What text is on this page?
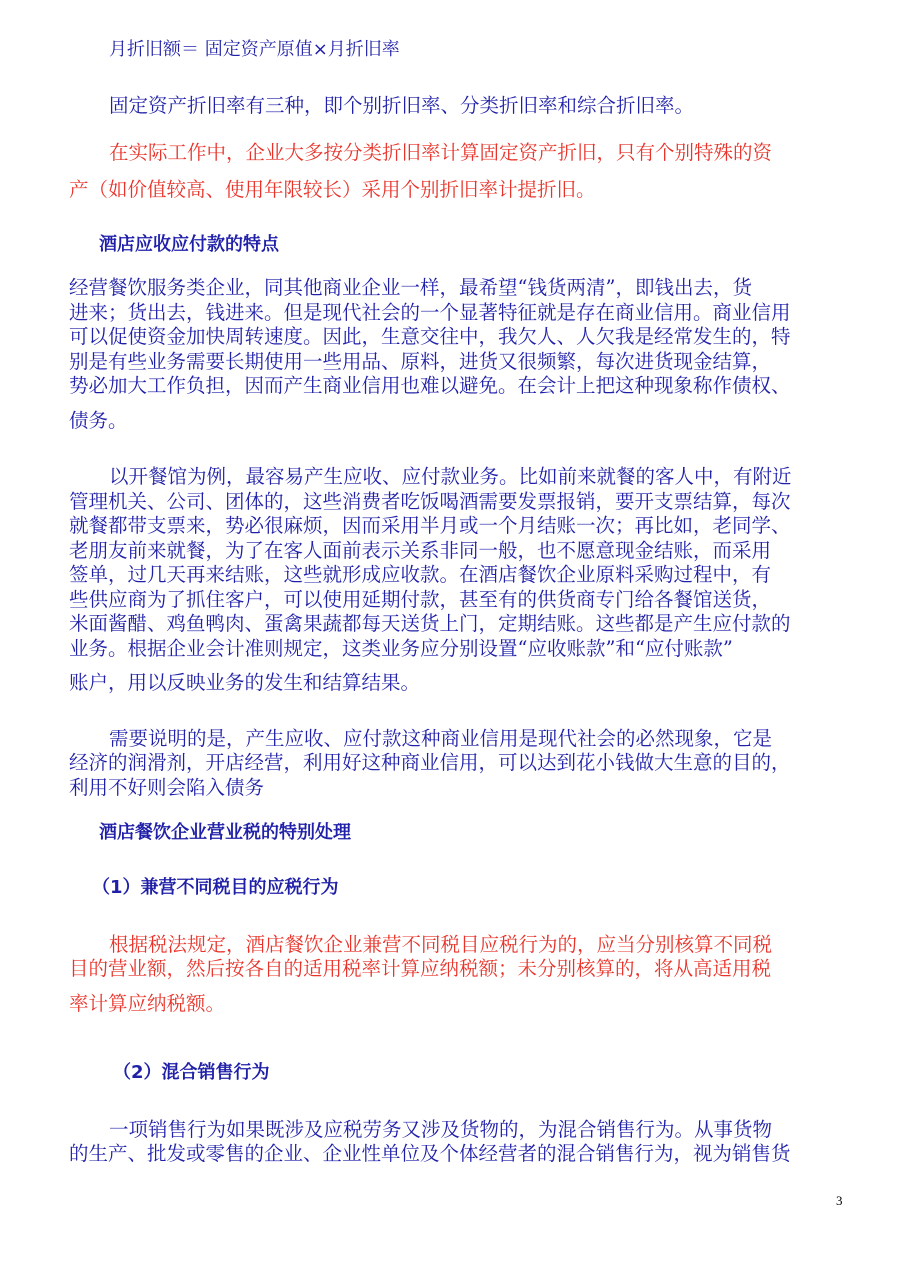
月折旧额＝ 固定资产原值×月折旧率
固定资产折旧率有三种，即个别折旧率、分类折旧率和综合折旧率。
在实际工作中，企业大多按分类折旧率计算固定资产折旧，只有个别特殊的资
产（如价值较高、使用年限较长）采用个别折旧率计提折旧。
酒店应收应付款的特点
经营餐饮服务类企业，同其他商业企业一样，最希望“钱货两清”，即钱出去，货
进来；货出去，钱进来。但是现代社会的一个显著特征就是存在商业信用。商业信用
可以促使资金加快周转速度。因此，生意交往中，我欠人、人欠我是经常发生的，特
别是有些业务需要长期使用一些用品、原料，进货又很频繁，每次进货现金结算，
势必加大工作负担，因而产生商业信用也难以避免。在会计上把这种现象称作债权、
债务。
以开餐馆为例，最容易产生应收、应付款业务。比如前来就餐的客人中，有附近
管理机关、公司、团体的，这些消费者吃饭喝酒需要发票报销，要开支票结算，每次
就餐都带支票来，势必很麻烦，因而采用半月或一个月结账一次；再比如，老同学、
老朋友前来就餐，为了在客人面前表示关系非同一般，也不愿意现金结账，而采用
签单，过几天再来结账，这些就形成应收款。在酒店餐饮企业原料采购过程中，有
些供应商为了抓住客户，可以使用延期付款，甚至有的供货商专门给各餐馆送货，
米面酱醋、鸡鱼鸭肉、蛋禽果蔬都每天送货上门，定期结账。这些都是产生应付款的
业务。根据企业会计准则规定，这类业务应分别设置“应收账款”和“应付账款”
账户，用以反映业务的发生和结算结果。
需要说明的是，产生应收、应付款这种商业信用是现代社会的必然现象，它是
经济的润滑剂，开店经营，利用好这种商业信用，可以达到花小钱做大生意的目的，
利用不好则会陷入债务
酒店餐饮企业营业税的特别处理
（1）兼营不同税目的应税行为
根据税法规定，酒店餐饮企业兼营不同税目应税行为的，应当分别核算不同税
目的营业额，然后按各自的适用税率计算应纳税额；未分别核算的，将从高适用税
率计算应纳税额。
（2）混合销售行为
一项销售行为如果既涉及应税劳务又涉及货物的，为混合销售行为。从事货物
的生产、批发或零售的企业、企业性单位及个体经营者的混合销售行为，视为销售货
3
